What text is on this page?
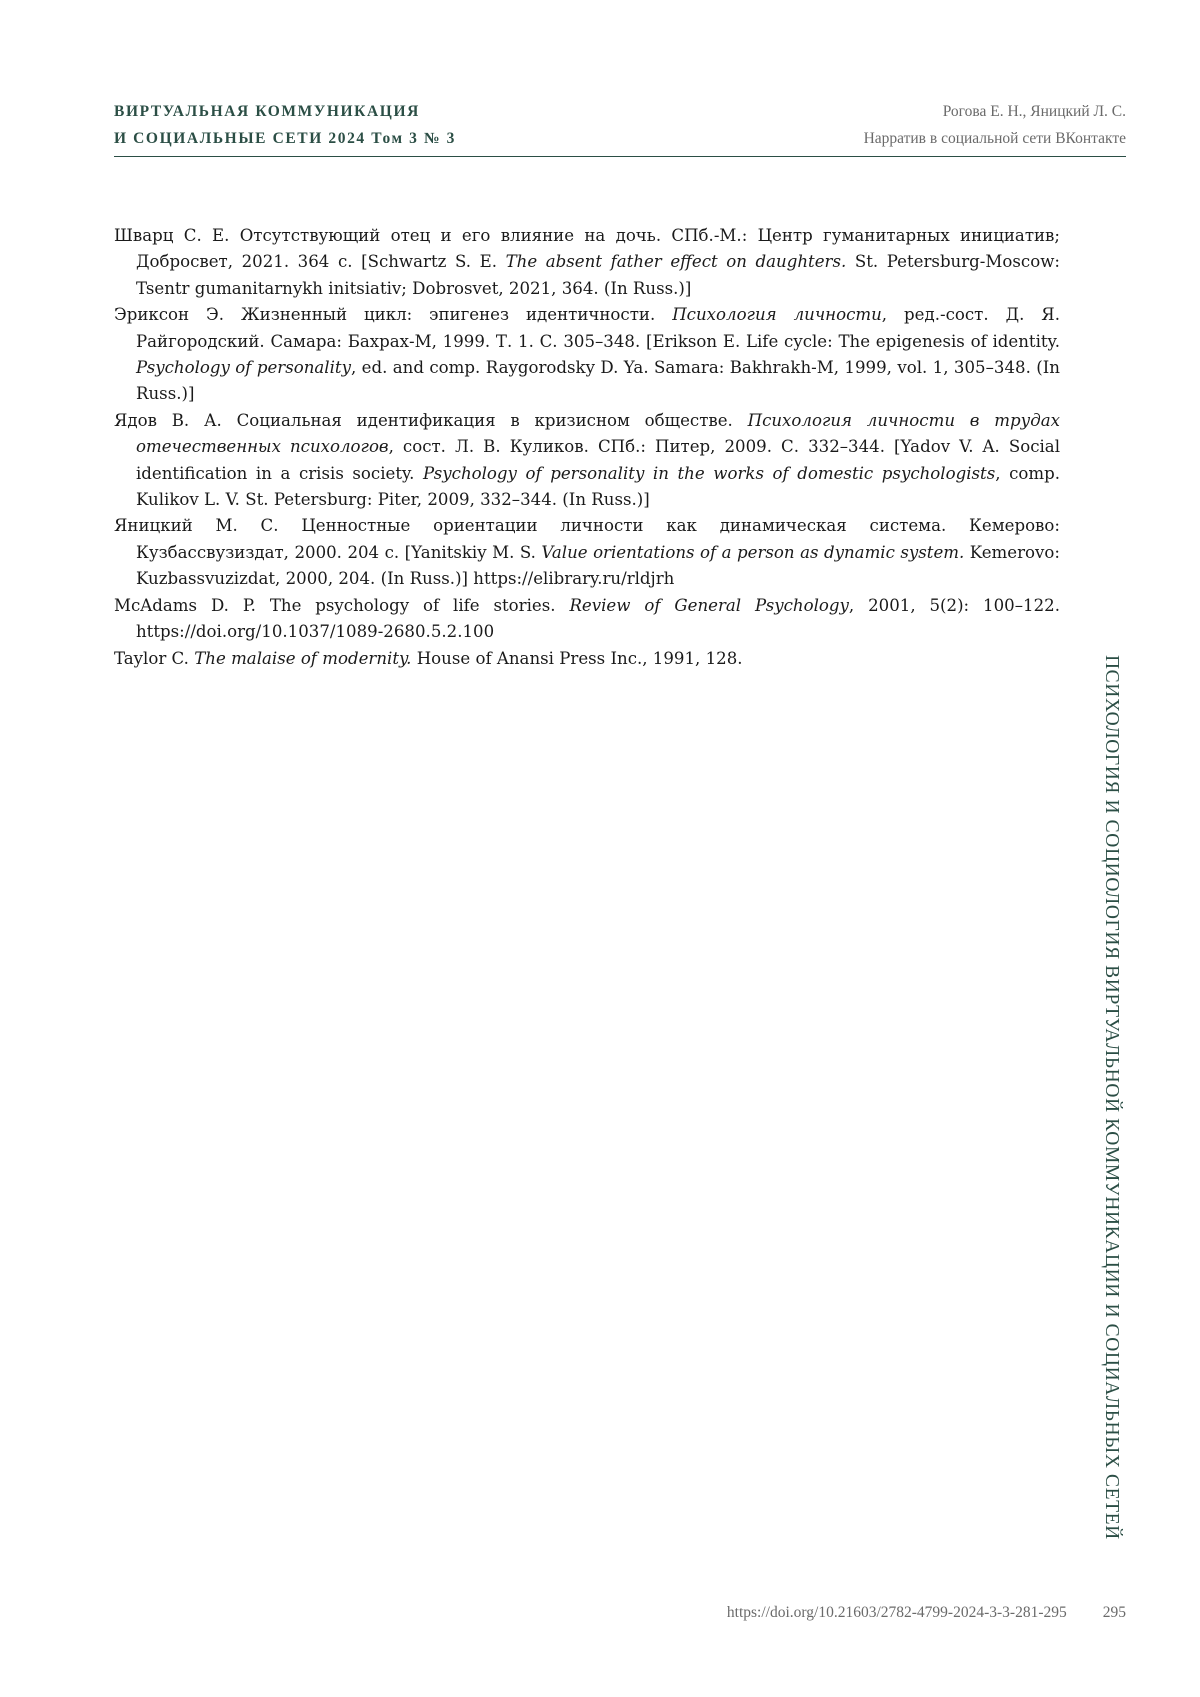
ВИРТУАЛЬНАЯ КОММУНИКАЦИЯ
И СОЦИАЛЬНЫЕ СЕТИ 2024 Том 3 № 3
Рогова Е. Н., Яницкий Л. С.
Нарратив в социальной сети ВКонтакте

Шварц С. Е. Отсутствующий отец и его влияние на дочь. СПб.-М.: Центр гуманитарных инициатив; Добросвет, 2021. 364 с. [Schwartz S. E. The absent father effect on daughters. St. Petersburg-Moscow: Tsentr gumanitarnykh initsiativ; Dobrosvet, 2021, 364. (In Russ.)]

Эриксон Э. Жизненный цикл: эпигенез идентичности. Психология личности, ред.-сост. Д. Я. Райгородский. Самара: Бахрах-М, 1999. Т. 1. С. 305–348. [Erikson E. Life cycle: The epigenesis of identity. Psychology of personality, ed. and comp. Raygorodsky D. Ya. Samara: Bakhrakh-M, 1999, vol. 1, 305–348. (In Russ.)]

Ядов В. А. Социальная идентификация в кризисном обществе. Психология личности в трудах отечественных психологов, сост. Л. В. Куликов. СПб.: Питер, 2009. С. 332–344. [Yadov V. A. Social identification in a crisis society. Psychology of personality in the works of domestic psychologists, comp. Kulikov L. V. St. Petersburg: Piter, 2009, 332–344. (In Russ.)]

Яницкий М. С. Ценностные ориентации личности как динамическая система. Кемерово: Кузбассвузиздат, 2000. 204 с. [Yanitskiy M. S. Value orientations of a person as dynamic system. Kemerovo: Kuzbassvuzizdat, 2000, 204. (In Russ.)] https://elibrary.ru/rldjrh

McAdams D. P. The psychology of life stories. Review of General Psychology, 2001, 5(2): 100–122. https://doi.org/10.1037/1089-2680.5.2.100

Taylor C. The malaise of modernity. House of Anansi Press Inc., 1991, 128.	ПСИХОЛОГИЯ И СОЦИОЛОГИЯ ВИРТУАЛЬНОЙ КОММУНИКАЦИИ И СОЦИАЛЬНЫХ СЕТЕЙ
https://doi.org/10.21603/2782-4799-2024-3-3-281-295 295
